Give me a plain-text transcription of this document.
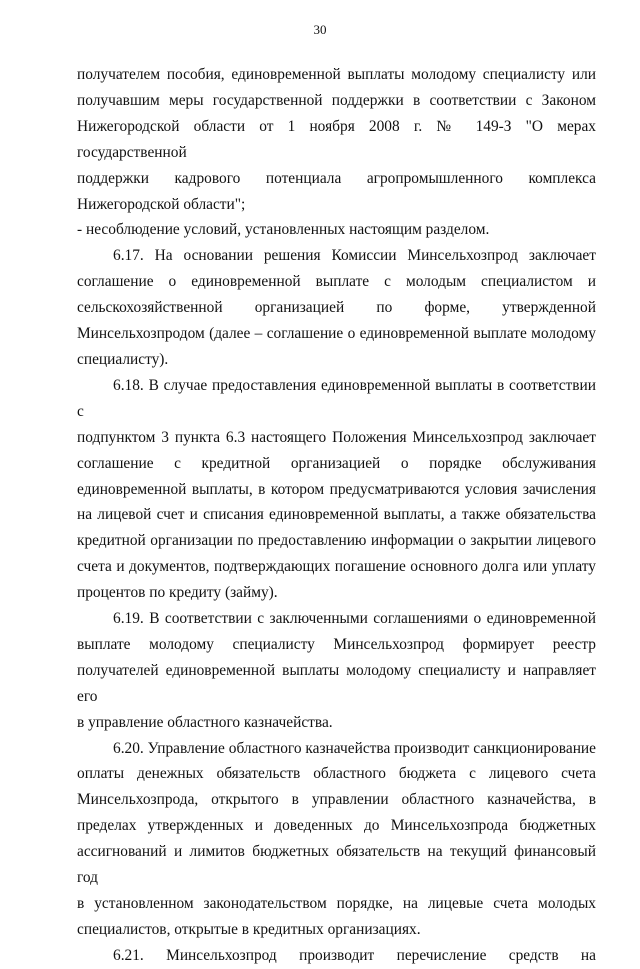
30

получателем пособия, единовременной выплаты молодому специалисту или

получавшим меры государственной поддержки в соответствии с Законом

Нижегородской области от 1 ноября 2008 г. № 149-З "О мерах государственной

поддержки кадрового потенциала агропромышленного комплекса

Нижегородской области";

- несоблюдение условий, установленных настоящим разделом.

6.17. На основании решения Комиссии Минсельхозпрод заключает

соглашение о единовременной выплате с молодым специалистом и

сельскохозяйственной организацией по форме, утвержденной

Минсельхозпродом (далее – соглашение о единовременной выплате молодому

специалисту).

6.18. В случае предоставления единовременной выплаты в соответствии с

подпунктом 3 пункта 6.3 настоящего Положения Минсельхозпрод заключает

соглашение с кредитной организацией о порядке обслуживания

единовременной выплаты, в котором предусматриваются условия зачисления

на лицевой счет и списания единовременной выплаты, а также обязательства

кредитной организации по предоставлению информации о закрытии лицевого

счета и документов, подтверждающих погашение основного долга или уплату

процентов по кредиту (займу).

6.19. В соответствии с заключенными соглашениями о единовременной

выплате молодому специалисту Минсельхозпрод формирует реестр

получателей единовременной выплаты молодому специалисту и направляет его

в управление областного казначейства.

6.20. Управление областного казначейства производит санкционирование

оплаты денежных обязательств областного бюджета с лицевого счета

Минсельхозпрода, открытого в управлении областного казначейства, в

пределах утвержденных и доведенных до Минсельхозпрода бюджетных

ассигнований и лимитов бюджетных обязательств на текущий финансовый год

в установленном законодательством порядке, на лицевые счета молодых

специалистов, открытые в кредитных организациях.

6.21. Минсельхозпрод производит перечисление средств на
